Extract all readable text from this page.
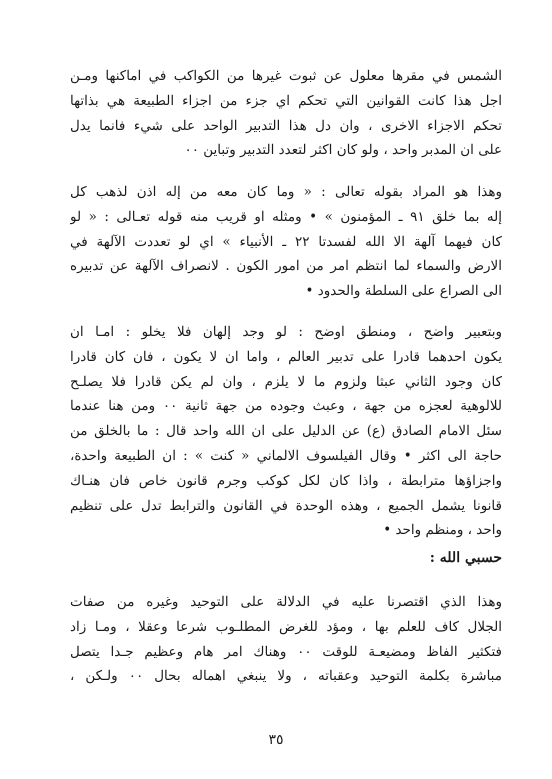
الشمس في مقرها معلول عن ثبوت غيرها من الكواكب في اماكنها ومـن
اجل هذا كانت القوانين التي تحكم اي جزء من اجزاء الطبيعة هي بذاتها
تحكم الاجزاء الاخرى ، وان دل هذا التدبير الواحد على شيء فانما يدل
على ان المدبر واحد ، ولو كان اكثر لتعدد التدبير وتباين ٠٠
وهذا هو المراد بقوله تعالى : « وما كان معه من إله اذن لذهب كل
إله بما خلق ٩١ ـ المؤمنون » • ومثله او قريب منه قوله تعـالى : « لو
كان فيهما آلهة الا الله لفسدتا ٢٢ ـ الأنبياء » اي لو تعددت الآلهة في
الارض والسماء لما انتظم امر من امور الكون . لانصراف الآلهة عن تدبيره
الى الصراع على السلطة والحدود •
وبتعبير واضح ، ومنطق اوضح : لو وجد إلهان فلا يخلو : امـا ان
يكون احدهما قادرا على تدبير العالم ، واما ان لا يكون ، فان كان قادرا
كان وجود الثاني عبثا ولزوم ما لا يلزم ، وان لم يكن قادرا فلا يصلـح
للالوهية لعجزه من جهة ، وعبث وجوده من جهة ثانية ٠٠ ومن هنا عندما
سئل الامام الصادق (ع) عن الدليل على ان الله واحد قال : ما بالخلق من
حاجة الى اكثر • وقال الفيلسوف الالماني « كنت » : ان الطبيعة واحدة،
واجزاؤها مترابطة ، واذا كان لكل كوكب وجرم قانون خاص فان هنـاك
قانونا يشمل الجميع ، وهذه الوحدة في القانون والترابط تدل على تنظيم
واحد ، ومنظم واحد •
حسبي الله :
وهذا الذي اقتصرنا عليه في الدلالة على التوحيد وغيره من صفات
الجلال كاف للعلم بها ، ومؤد للغرض المطلـوب شرعا وعقلا ، ومـا زاد
فتكثير الفاظ ومضيعـة للوقت ٠٠ وهناك امر هام وعظيم جـدا يتصل
مباشرة بكلمة التوحيد وعقباته ، ولا ينبغي اهماله بحال ٠٠ ولـكن ،
٣٥
